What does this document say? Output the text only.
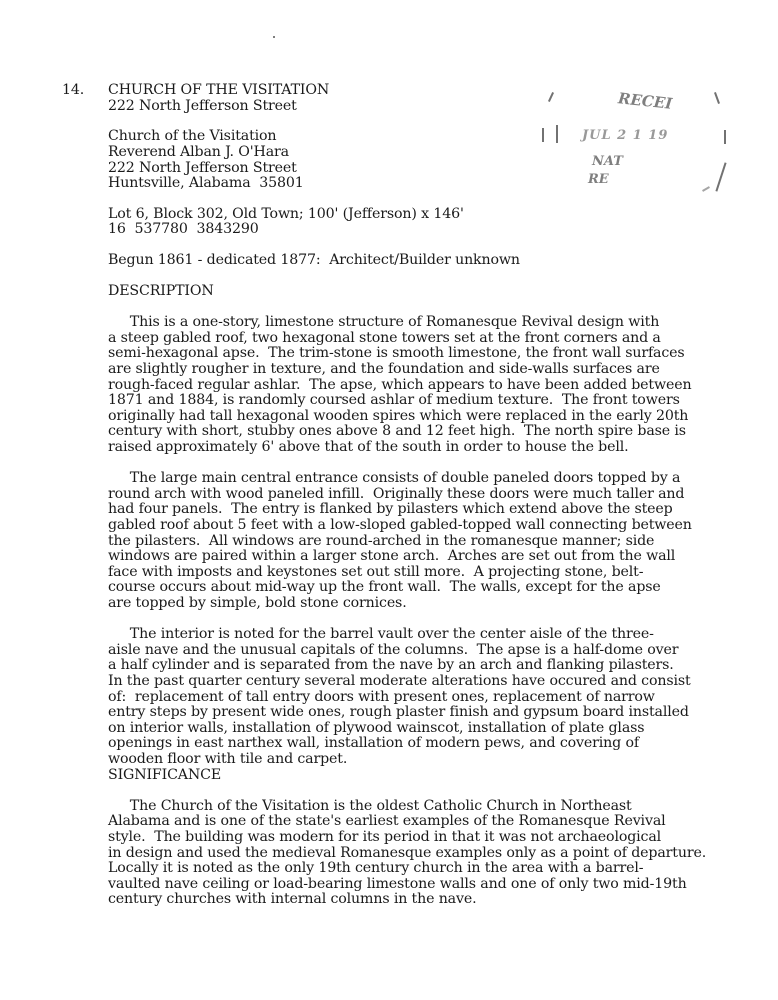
14. CHURCH OF THE VISITATION
222 North Jefferson Street
Church of the Visitation
Reverend Alban J. O'Hara
222 North Jefferson Street
Huntsville, Alabama  35801
Lot 6, Block 302, Old Town; 100' (Jefferson) x 146'
16  537780  3843290
Begun 1861 - dedicated 1877:  Architect/Builder unknown
DESCRIPTION
This is a one-story, limestone structure of Romanesque Revival design with
a steep gabled roof, two hexagonal stone towers set at the front corners and a
semi-hexagonal apse.  The trim-stone is smooth limestone, the front wall surfaces
are slightly rougher in texture, and the foundation and side-walls surfaces are
rough-faced regular ashlar.  The apse, which appears to have been added between
1871 and 1884, is randomly coursed ashlar of medium texture.  The front towers
originally had tall hexagonal wooden spires which were replaced in the early 20th
century with short, stubby ones above 8 and 12 feet high.  The north spire base is
raised approximately 6' above that of the south in order to house the bell.
The large main central entrance consists of double paneled doors topped by a
round arch with wood paneled infill.  Originally these doors were much taller and
had four panels.  The entry is flanked by pilasters which extend above the steep
gabled roof about 5 feet with a low-sloped gabled-topped wall connecting between
the pilasters.  All windows are round-arched in the romanesque manner; side
windows are paired within a larger stone arch.  Arches are set out from the wall
face with imposts and keystones set out still more.  A projecting stone, belt-
course occurs about mid-way up the front wall.  The walls, except for the apse
are topped by simple, bold stone cornices.
The interior is noted for the barrel vault over the center aisle of the three-
aisle nave and the unusual capitals of the columns.  The apse is a half-dome over
a half cylinder and is separated from the nave by an arch and flanking pilasters.
In the past quarter century several moderate alterations have occured and consist
of:  replacement of tall entry doors with present ones, replacement of narrow
entry steps by present wide ones, rough plaster finish and gypsum board installed
on interior walls, installation of plywood wainscot, installation of plate glass
openings in east narthex wall, installation of modern pews, and covering of
wooden floor with tile and carpet.
SIGNIFICANCE
The Church of the Visitation is the oldest Catholic Church in Northeast
Alabama and is one of the state's earliest examples of the Romanesque Revival
style.  The building was modern for its period in that it was not archaeological
in design and used the medieval Romanesque examples only as a point of departure.
Locally it is noted as the only 19th century church in the area with a barrel-
vaulted nave ceiling or load-bearing limestone walls and one of only two mid-19th
century churches with internal columns in the nave.
RECEI
JUL 2 1 19
NAT
RE
